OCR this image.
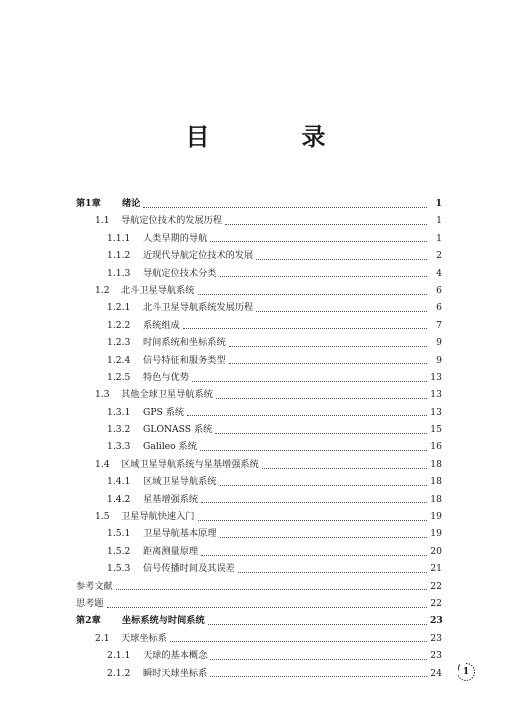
目　录
第1章	绪论	1
1.1	导航定位技术的发展历程	1
1.1.1	人类早期的导航	1
1.1.2	近现代导航定位技术的发展	2
1.1.3	导航定位技术分类	4
1.2	北斗卫星导航系统	6
1.2.1	北斗卫星导航系统发展历程	6
1.2.2	系统组成	7
1.2.3	时间系统和坐标系统	9
1.2.4	信号特征和服务类型	9
1.2.5	特色与优势	13
1.3	其他全球卫星导航系统	13
1.3.1	GPS 系统	13
1.3.2	GLONASS 系统	15
1.3.3	Galileo 系统	16
1.4	区域卫星导航系统与星基增强系统	18
1.4.1	区域卫星导航系统	18
1.4.2	星基增强系统	18
1.5	卫星导航快速入门	19
1.5.1	卫星导航基本原理	19
1.5.2	距离测量原理	20
1.5.3	信号传播时间及其误差	21
参考文献	22
思考题	22
第2章	坐标系统与时间系统	23
2.1	天球坐标系	23
2.1.1	天球的基本概念	23
2.1.2	瞬时天球坐标系	24	1
